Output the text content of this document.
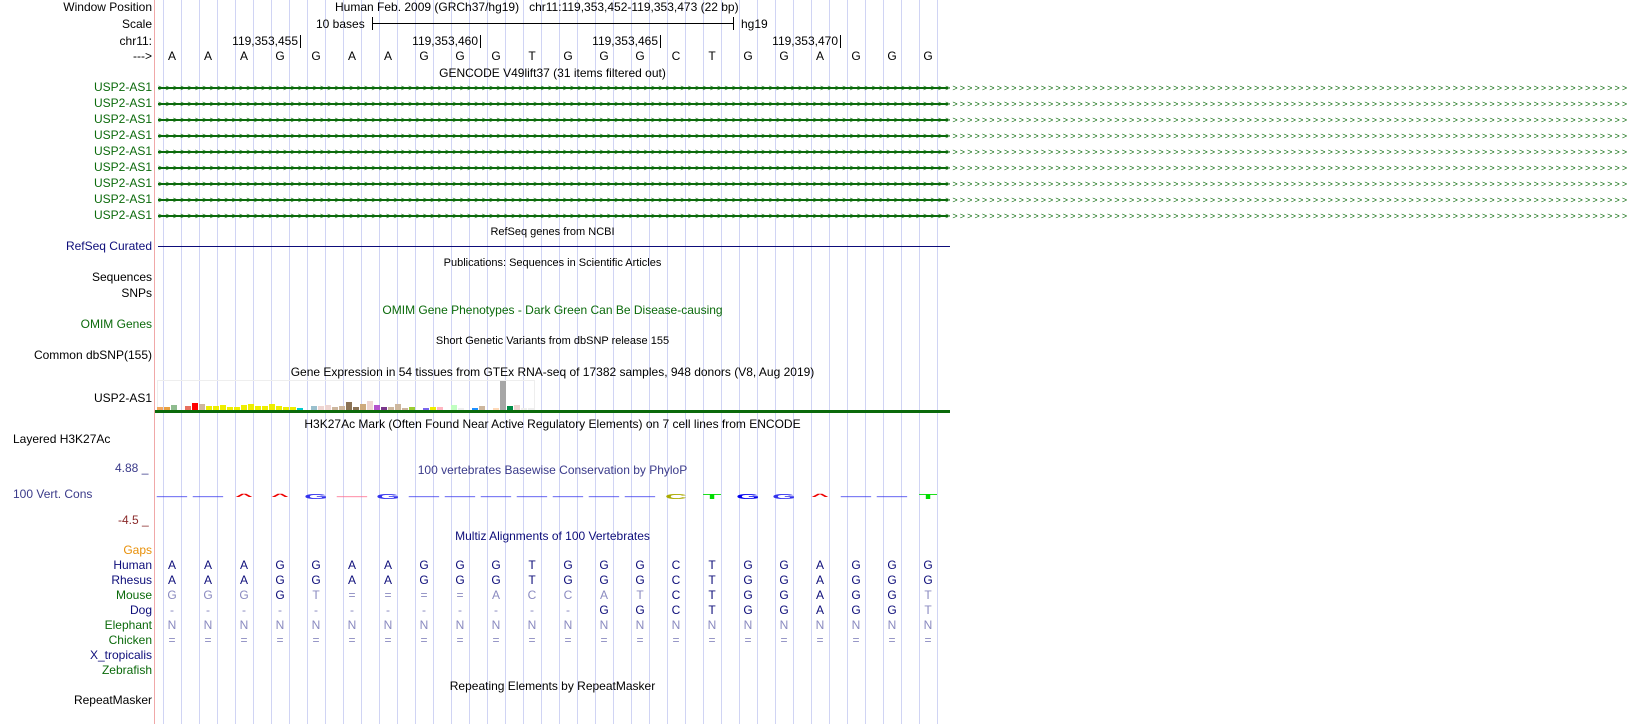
Window Position	Human Feb. 2009 (GRCh37/hg19)   chr11:119,353,452-119,353,473 (22 bp)
Scale	10 bases	hg19
chr11:	119,353,455	119,353,460	119,353,465	119,353,470
---> A A A G G A A G G G T G G G C T G G A G G G
GENCODE V49lift37 (31 items filtered out)
USP2-AS1 >>>>>>>>>>>>>>>>>>>>>>>>>>>>>>>>>>>>>>>>>>>>>>>>>>>>>>>>>>>>>>>>>>>>>>>>>>>>>>>>>>>>>>>>>>>>>>>>>>>>>>>>>>>>>>>>>>>>>>>>>>>>>>>>>>>>>>>>>>>>>>>>>>>>>>>>>>>>>>>>>>>>>>>>>>>>>>>>>>>>>>>>>>>>>>>>>>>>>>>>
USP2-AS1 >>>>>>>>>>>>>>>>>>>>>>>>>>>>>>>>>>>>>>>>>>>>>>>>>>>>>>>>>>>>>>>>>>>>>>>>>>>>>>>>>>>>>>>>>>>>>>>>>>>>>>>>>>>>>>>>>>>>>>>>>>>>>>>>>>>>>>>>>>>>>>>>>>>>>>>>>>>>>>>>>>>>>>>>>>>>>>>>>>>>>>>>>>>>>>>>>>>>>>>>
USP2-AS1 >>>>>>>>>>>>>>>>>>>>>>>>>>>>>>>>>>>>>>>>>>>>>>>>>>>>>>>>>>>>>>>>>>>>>>>>>>>>>>>>>>>>>>>>>>>>>>>>>>>>>>>>>>>>>>>>>>>>>>>>>>>>>>>>>>>>>>>>>>>>>>>>>>>>>>>>>>>>>>>>>>>>>>>>>>>>>>>>>>>>>>>>>>>>>>>>>>>>>>>>
USP2-AS1 >>>>>>>>>>>>>>>>>>>>>>>>>>>>>>>>>>>>>>>>>>>>>>>>>>>>>>>>>>>>>>>>>>>>>>>>>>>>>>>>>>>>>>>>>>>>>>>>>>>>>>>>>>>>>>>>>>>>>>>>>>>>>>>>>>>>>>>>>>>>>>>>>>>>>>>>>>>>>>>>>>>>>>>>>>>>>>>>>>>>>>>>>>>>>>>>>>>>>>>>
USP2-AS1 >>>>>>>>>>>>>>>>>>>>>>>>>>>>>>>>>>>>>>>>>>>>>>>>>>>>>>>>>>>>>>>>>>>>>>>>>>>>>>>>>>>>>>>>>>>>>>>>>>>>>>>>>>>>>>>>>>>>>>>>>>>>>>>>>>>>>>>>>>>>>>>>>>>>>>>>>>>>>>>>>>>>>>>>>>>>>>>>>>>>>>>>>>>>>>>>>>>>>>>>
USP2-AS1 >>>>>>>>>>>>>>>>>>>>>>>>>>>>>>>>>>>>>>>>>>>>>>>>>>>>>>>>>>>>>>>>>>>>>>>>>>>>>>>>>>>>>>>>>>>>>>>>>>>>>>>>>>>>>>>>>>>>>>>>>>>>>>>>>>>>>>>>>>>>>>>>>>>>>>>>>>>>>>>>>>>>>>>>>>>>>>>>>>>>>>>>>>>>>>>>>>>>>>>>
USP2-AS1 >>>>>>>>>>>>>>>>>>>>>>>>>>>>>>>>>>>>>>>>>>>>>>>>>>>>>>>>>>>>>>>>>>>>>>>>>>>>>>>>>>>>>>>>>>>>>>>>>>>>>>>>>>>>>>>>>>>>>>>>>>>>>>>>>>>>>>>>>>>>>>>>>>>>>>>>>>>>>>>>>>>>>>>>>>>>>>>>>>>>>>>>>>>>>>>>>>>>>>>>
USP2-AS1 >>>>>>>>>>>>>>>>>>>>>>>>>>>>>>>>>>>>>>>>>>>>>>>>>>>>>>>>>>>>>>>>>>>>>>>>>>>>>>>>>>>>>>>>>>>>>>>>>>>>>>>>>>>>>>>>>>>>>>>>>>>>>>>>>>>>>>>>>>>>>>>>>>>>>>>>>>>>>>>>>>>>>>>>>>>>>>>>>>>>>>>>>>>>>>>>>>>>>>>>
USP2-AS1 >>>>>>>>>>>>>>>>>>>>>>>>>>>>>>>>>>>>>>>>>>>>>>>>>>>>>>>>>>>>>>>>>>>>>>>>>>>>>>>>>>>>>>>>>>>>>>>>>>>>>>>>>>>>>>>>>>>>>>>>>>>>>>>>>>>>>>>>>>>>>>>>>>>>>>>>>>>>>>>>>>>>>>>>>>>>>>>>>>>>>>>>>>>>>>>>>>>>>>>>
RefSeq genes from NCBI
RefSeq Curated
Publications: Sequences in Scientific Articles
Sequences
SNPs
OMIM Gene Phenotypes - Dark Green Can Be Disease-causing
OMIM Genes
Short Genetic Variants from dbSNP release 155
Common dbSNP(155)
Gene Expression in 54 tissues from GTEx RNA-seq of 17382 samples, 948 donors (V8, Aug 2019)
USP2-AS1
H3K27Ac Mark (Often Found Near Active Regulatory Elements) on 7 cell lines from ENCODE
Layered H3K27Ac
100 vertebrates Basewise Conservation by PhyloP
4.88 _
100 Vert. Cons
-4.5 _
— — ^	^ G — G — — — — — — — C T G G ^ — — T
Multiz Alignments of 100 Vertebrates
Gaps
Human A A A G G A A G G G T G G G C T G G A G G G
Rhesus A A A G G A A G G G T G G G C T G G A G G G
Mouse G G G G T = = = = A C C A T C T G G A G G T
Dog	-	-	-	-	-	-	-	-	-	-	-	-	G G C T G G A G G T
Elephant N N N N N N N N N N N N N N N N N N N N N N
Chicken = = = = = = = = = = = = = = = = = = = = = =
X_tropicalis
Zebrafish
Repeating Elements by RepeatMasker
RepeatMasker
